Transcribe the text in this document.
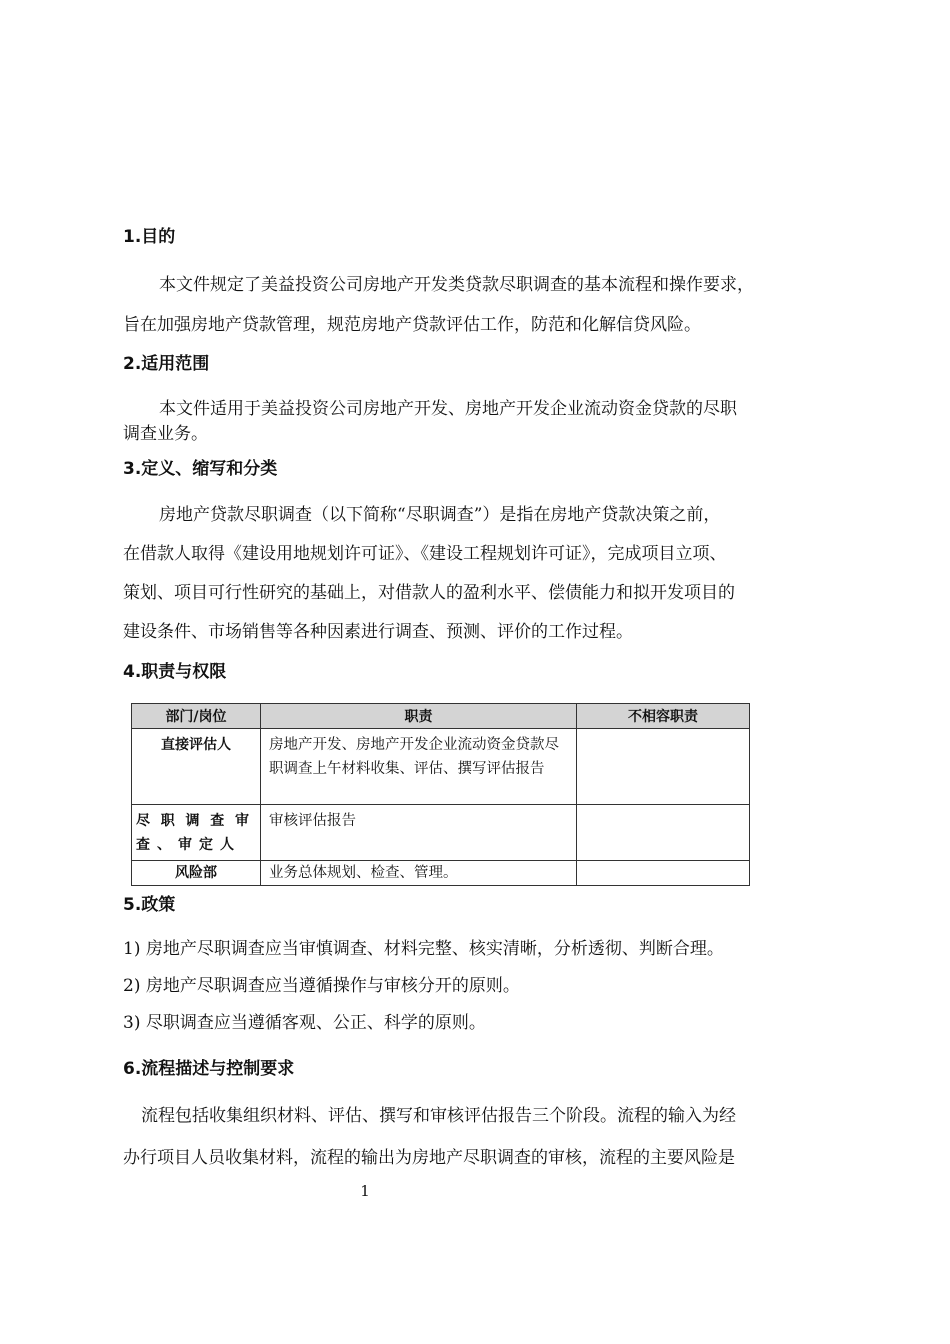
1.目的
本文件规定了美益投资公司房地产开发类贷款尽职调查的基本流程和操作要求，
旨在加强房地产贷款管理，规范房地产贷款评估工作，防范和化解信贷风险。
2.适用范围
本文件适用于美益投资公司房地产开发、房地产开发企业流动资金贷款的尽职
调查业务。
3.定义、缩写和分类
房地产贷款尽职调查（以下简称“尽职调查”）是指在房地产贷款决策之前，
在借款人取得《建设用地规划许可证》、《建设工程规划许可证》，完成项目立项、
策划、项目可行性研究的基础上，对借款人的盈利水平、偿债能力和拟开发项目的
建设条件、市场销售等各种因素进行调查、预测、评价的工作过程。
4.职责与权限
部门/岗位	职责	不相容职责
直接评估人	房地产开发、房地产开发企业流动资金贷款尽职调查上午材料收集、评估、撰写评估报告	
尽职调查审查、审定人	审核评估报告	
风险部	业务总体规划、检查、管理。	
5.政策
1) 房地产尽职调查应当审慎调查、材料完整、核实清晰，分析透彻、判断合理。
2) 房地产尽职调查应当遵循操作与审核分开的原则。
3) 尽职调查应当遵循客观、公正、科学的原则。
6.流程描述与控制要求
流程包括收集组织材料、评估、撰写和审核评估报告三个阶段。流程的输入为经
办行项目人员收集材料，流程的输出为房地产尽职调查的审核，流程的主要风险是
1
